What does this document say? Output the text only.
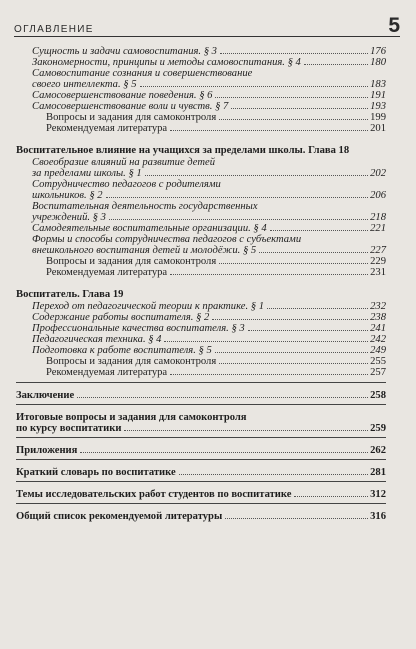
ОГЛАВЛЕНИЕ	5
Сущность и задачи самовоспитания. § 3	176
Закономерности, принципы и методы самовоспитания. § 4	180
Самовоспитание сознания и совершенствование
своего интеллекта. § 5	183
Самосовершенствование поведения. § 6	191
Самосовершенствование воли и чувств. § 7	193
Вопросы и задания для самоконтроля	199
Рекомендуемая литература	201
Воспитательное влияние на учащихся за пределами школы. Глава 18
Своеобразие влияний на развитие детей
за пределами школы. § 1	202
Сотрудничество педагогов с родителями
школьников. § 2	206
Воспитательная деятельность государственных
учреждений. § 3	218
Самодеятельные воспитательные организации. § 4	221
Формы и способы сотрудничества педагогов с субъектами
внешкольного воспитания детей и молодёжи. § 5	227
Вопросы и задания для самоконтроля	229
Рекомендуемая литература	231
Воспитатель. Глава 19
Переход от педагогической теории к практике. § 1	232
Содержание работы воспитателя. § 2	238
Профессиональные качества воспитателя. § 3	241
Педагогическая техника. § 4	242
Подготовка к работе воспитателя. § 5	249
Вопросы и задания для самоконтроля	255
Рекомендуемая литература	257
Заключение	258
Итоговые вопросы и задания для самоконтроля
по курсу воспитатики	259
Приложения	262
Краткий словарь по воспитатике	281
Темы исследовательских работ студентов по воспитатике	312
Общий список рекомендуемой литературы	316
